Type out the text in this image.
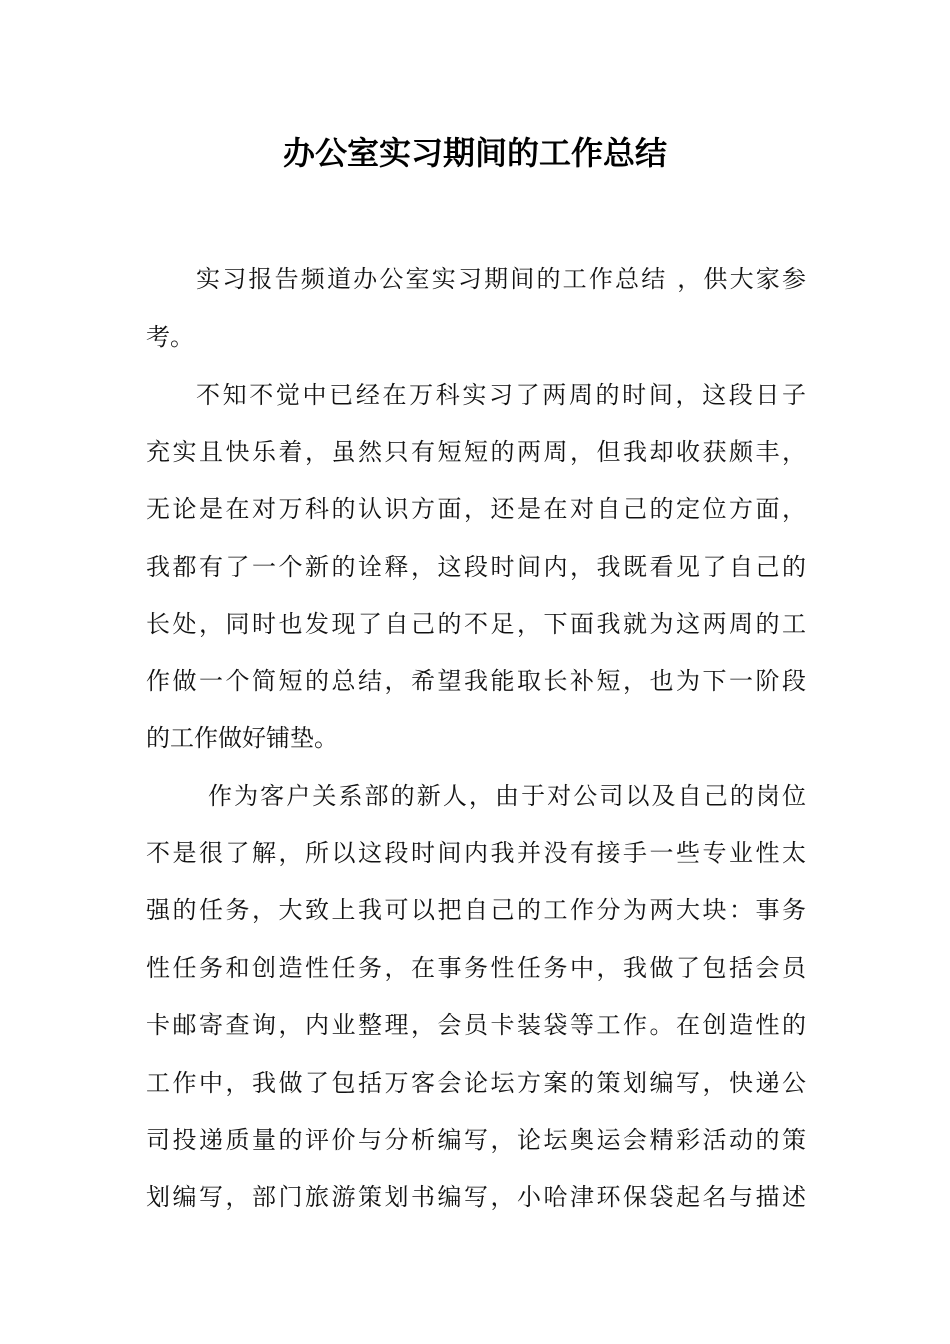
办公室实习期间的工作总结
实习报告频道办公室实习期间的工作总结 ，供大家参
考。
不知不觉中已经在万科实习了两周的时间，这段日子
充实且快乐着，虽然只有短短的两周，但我却收获颇丰，
无论是在对万科的认识方面，还是在对自己的定位方面，
我都有了一个新的诠释，这段时间内，我既看见了自己的
长处，同时也发现了自己的不足，下面我就为这两周的工
作做一个简短的总结，希望我能取长补短，也为下一阶段
的工作做好铺垫。
作为客户关系部的新人，由于对公司以及自己的岗位
不是很了解，所以这段时间内我并没有接手一些专业性太
强的任务，大致上我可以把自己的工作分为两大块：事务
性任务和创造性任务，在事务性任务中，我做了包括会员
卡邮寄查询，内业整理，会员卡装袋等工作。在创造性的
工作中，我做了包括万客会论坛方案的策划编写，快递公
司投递质量的评价与分析编写，论坛奥运会精彩活动的策
划编写，部门旅游策划书编写，小哈津环保袋起名与描述
